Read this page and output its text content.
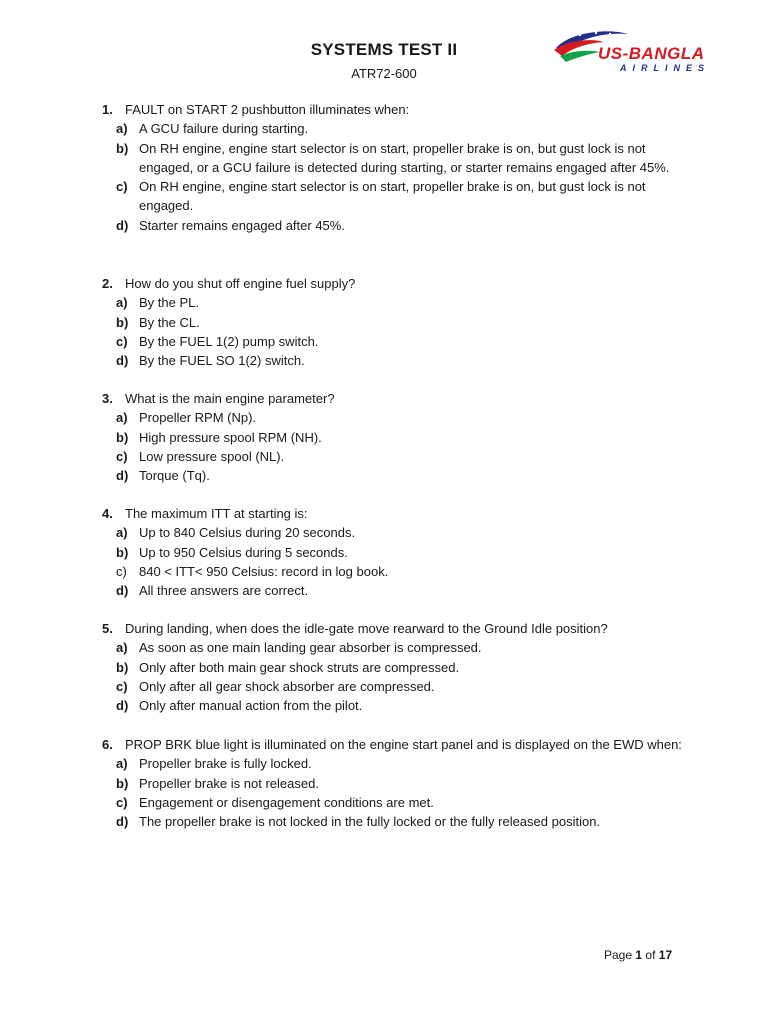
SYSTEMS TEST II
ATR72-600
US-BANGLA
AIRLINES
1. FAULT on START 2 pushbutton illuminates when:
a) A GCU failure during starting.
b) On RH engine, engine start selector is on start, propeller brake is on, but gust lock is not engaged, or a GCU failure is detected during starting, or starter remains engaged after 45%.
c) On RH engine, engine start selector is on start, propeller brake is on, but gust lock is not engaged.
d) Starter remains engaged after 45%.
2. How do you shut off engine fuel supply?
a) By the PL.
b) By the CL.
c) By the FUEL 1(2) pump switch.
d) By the FUEL SO 1(2) switch.
3. What is the main engine parameter?
a) Propeller RPM (Np).
b) High pressure spool RPM (NH).
c) Low pressure spool (NL).
d) Torque (Tq).
4. The maximum ITT at starting is:
a) Up to 840 Celsius during 20 seconds.
b) Up to 950 Celsius during 5 seconds.
c) 840 < ITT< 950 Celsius: record in log book.
d) All three answers are correct.
5. During landing, when does the idle-gate move rearward to the Ground Idle position?
a) As soon as one main landing gear absorber is compressed.
b) Only after both main gear shock struts are compressed.
c) Only after all gear shock absorber are compressed.
d) Only after manual action from the pilot.
6. PROP BRK blue light is illuminated on the engine start panel and is displayed on the EWD when:
a) Propeller brake is fully locked.
b) Propeller brake is not released.
c) Engagement or disengagement conditions are met.
d) The propeller brake is not locked in the fully locked or the fully released position.
Page 1 of 17
